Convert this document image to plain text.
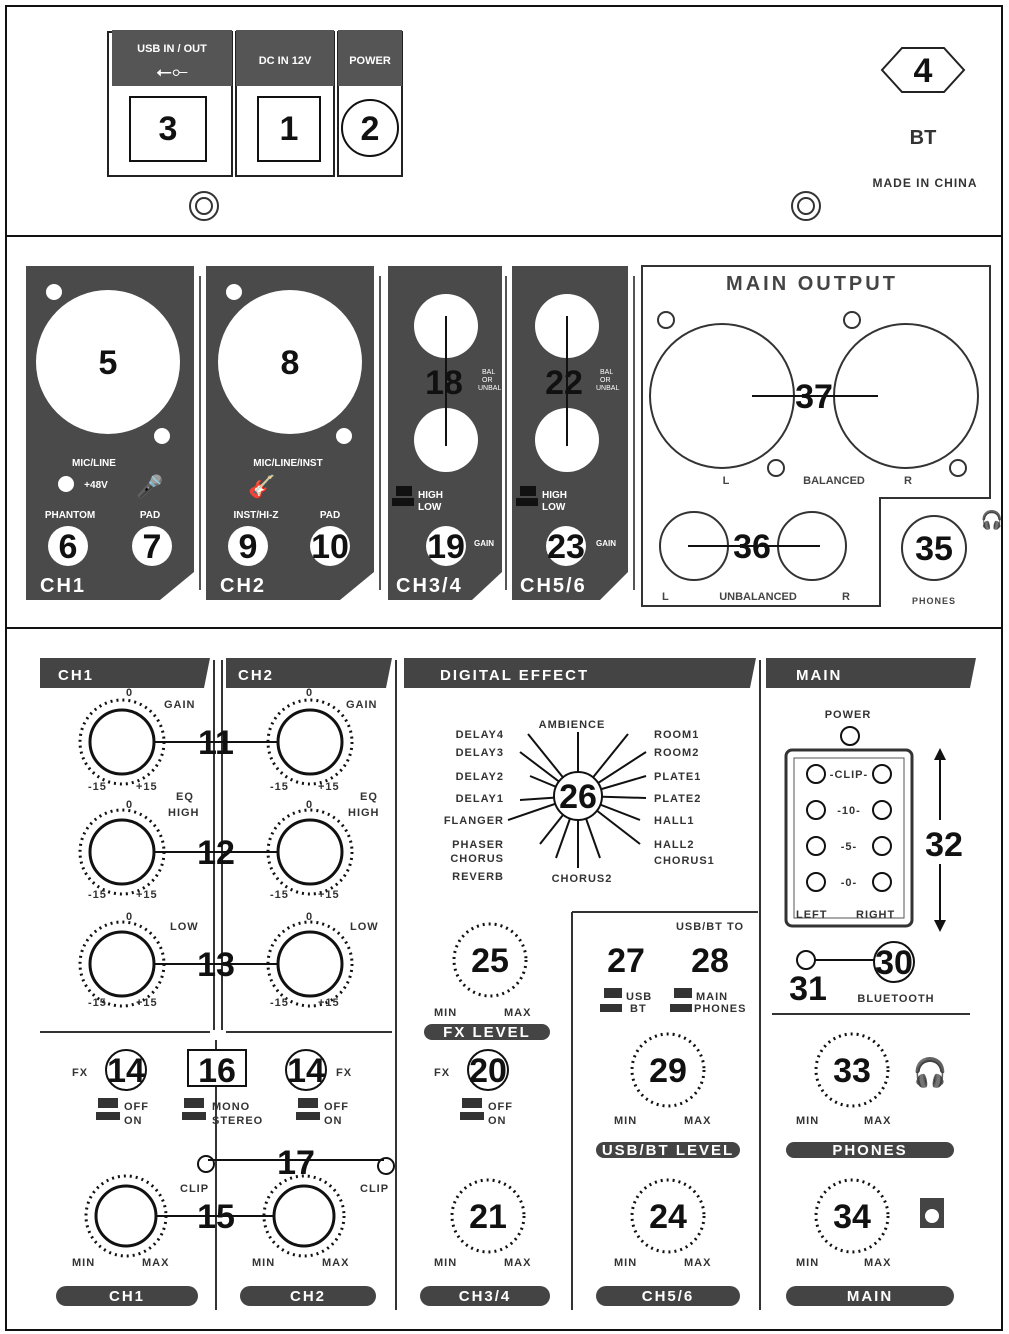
USB IN / OUT
⭠⟜
3
DC IN 12V
1
POWER
2
4
BT
MADE IN CHINA
5
MIC/LINE
+48V 🎤
PHANTOM	PAD
6 7
CH1
8
MIC/LINE/INST
🎸
INST/HI-Z	PAD
9 10
CH2
18	BAL
OR
UNBAL
HIGH
LOW
19 GAIN
CH3/4
22 BAL
OR
UNBAL
HIGH
LOW
23 GAIN
CH5/6
MAIN OUTPUT
37
L	BALANCED	R
36
L	UNBALANCED	R
35
🎧
PHONES
CH1	CH2	DIGITAL EFFECT	MAIN
11
12
13
0
GAIN
-15	+15
EQ
HIGH
0
-15	+15
0
LOW
-15	+15
0
GAIN
-15	+15
EQ
HIGH
0
-15	+15
0
LOW
-15	+15
FX 14
OFF
ON
16
MONO
STEREO
14 FX
OFF
ON
17
CLIP	CLIP
15
MIN	MAX	MIN	MAX
CH1	CH2
26
AMBIENCE
CHORUS2
DELAY4
DELAY3
DELAY2
DELAY1
FLANGER
PHASER
CHORUS
REVERB
ROOM1
ROOM2
PLATE1
PLATE2
HALL1
HALL2
CHORUS1
25
MIN	MAX
FX LEVEL
FX 20
OFF
ON
21
MIN	MAX
CH3/4
USB/BT TO
27
USB
BT
28
MAIN
PHONES
29
MIN	MAX
USB/BT LEVEL
24
MIN	MAX
CH5/6
POWER
-CLIP-
-10-
-5-
-0-
LEFT	RIGHT
32
30
31	BLUETOOTH
33 🎧
MIN	MAX
PHONES
34
MIN	MAX
MAIN
